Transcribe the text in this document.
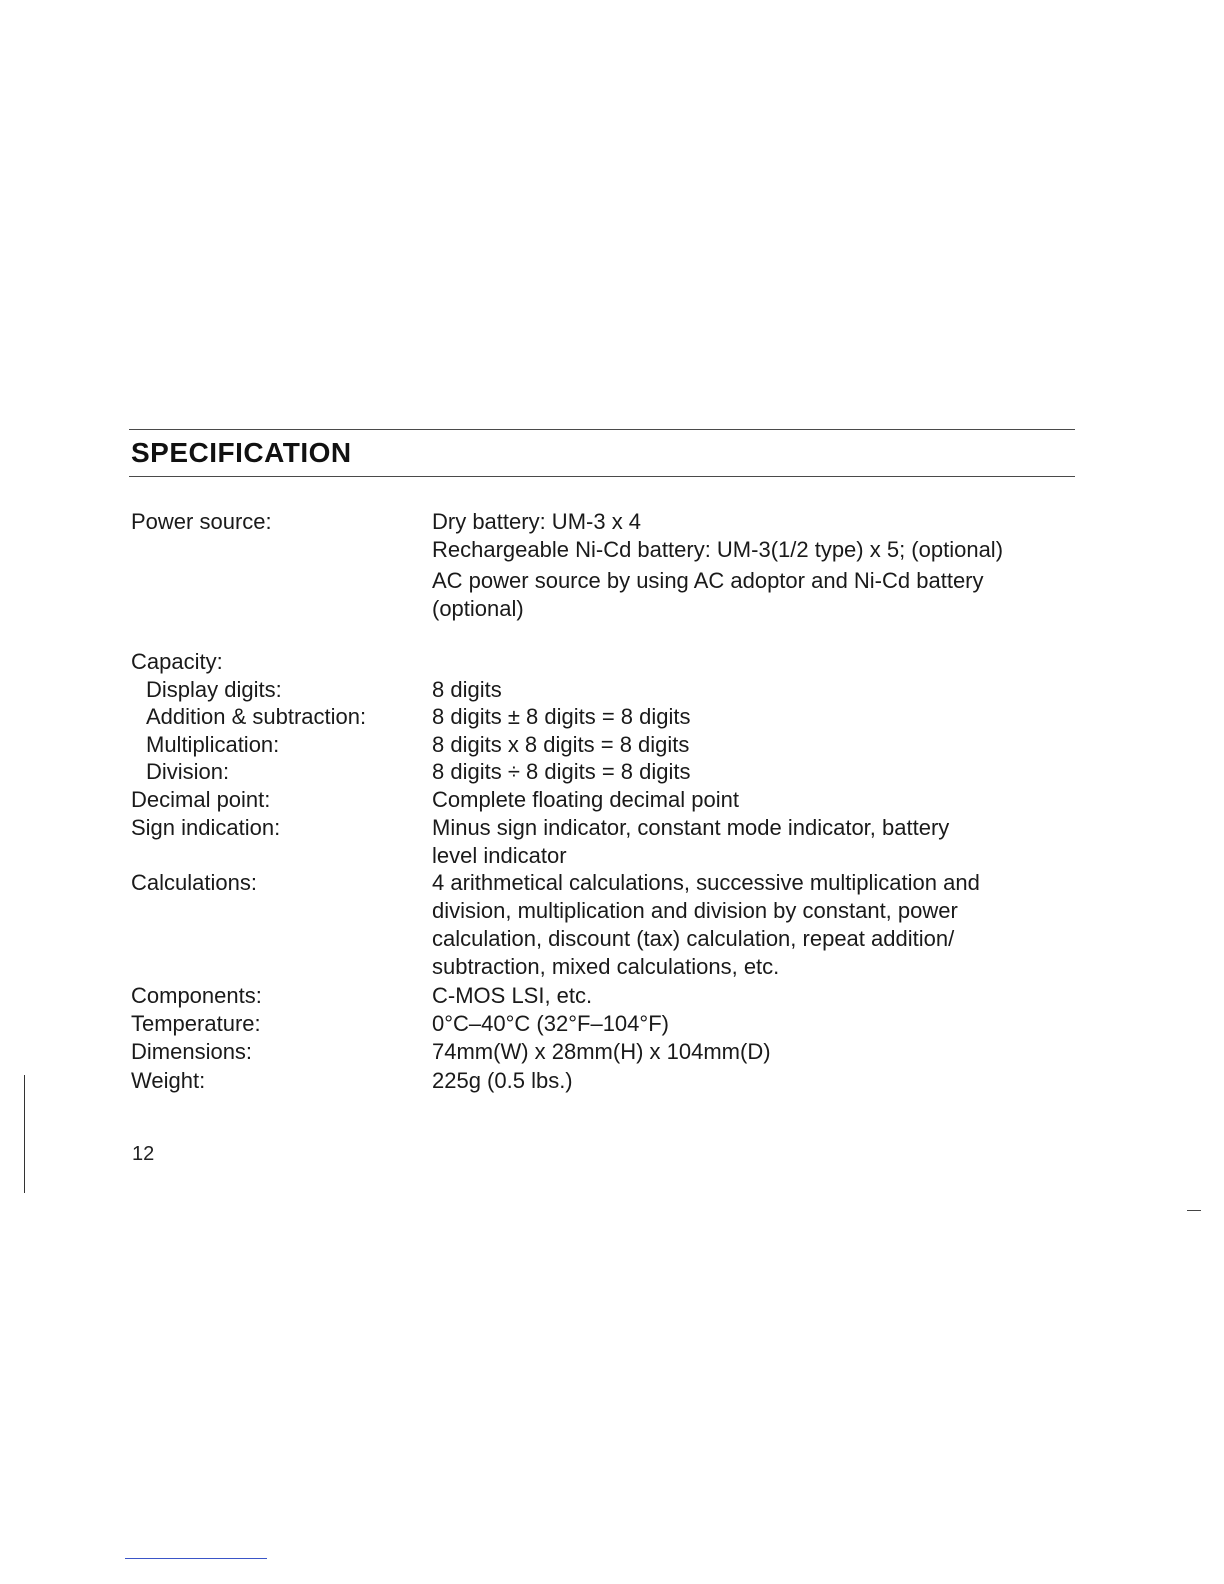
SPECIFICATION

Power source:	Dry battery: UM-3 x 4

Rechargeable Ni-Cd battery: UM-3(1/2 type) x 5; (optional)

AC power source by using AC adoptor and Ni-Cd battery

(optional)

Capacity:

Display digits:	8 digits

Addition & subtraction:	8 digits ± 8 digits = 8 digits

Multiplication:	8 digits x 8 digits = 8 digits

Division:	8 digits ÷ 8 digits = 8 digits

Decimal point:	Complete floating decimal point

Sign indication:	Minus sign indicator, constant mode indicator, battery

level indicator

Calculations:	4 arithmetical calculations, successive multiplication and

division, multiplication and division by constant, power

calculation, discount (tax) calculation, repeat addition/

subtraction, mixed calculations, etc.

Components:	C-MOS LSI, etc.

Temperature:	0°C–40°C (32°F–104°F)

Dimensions:	74mm(W) x 28mm(H) x 104mm(D)

Weight:	225g (0.5 lbs.)

12
